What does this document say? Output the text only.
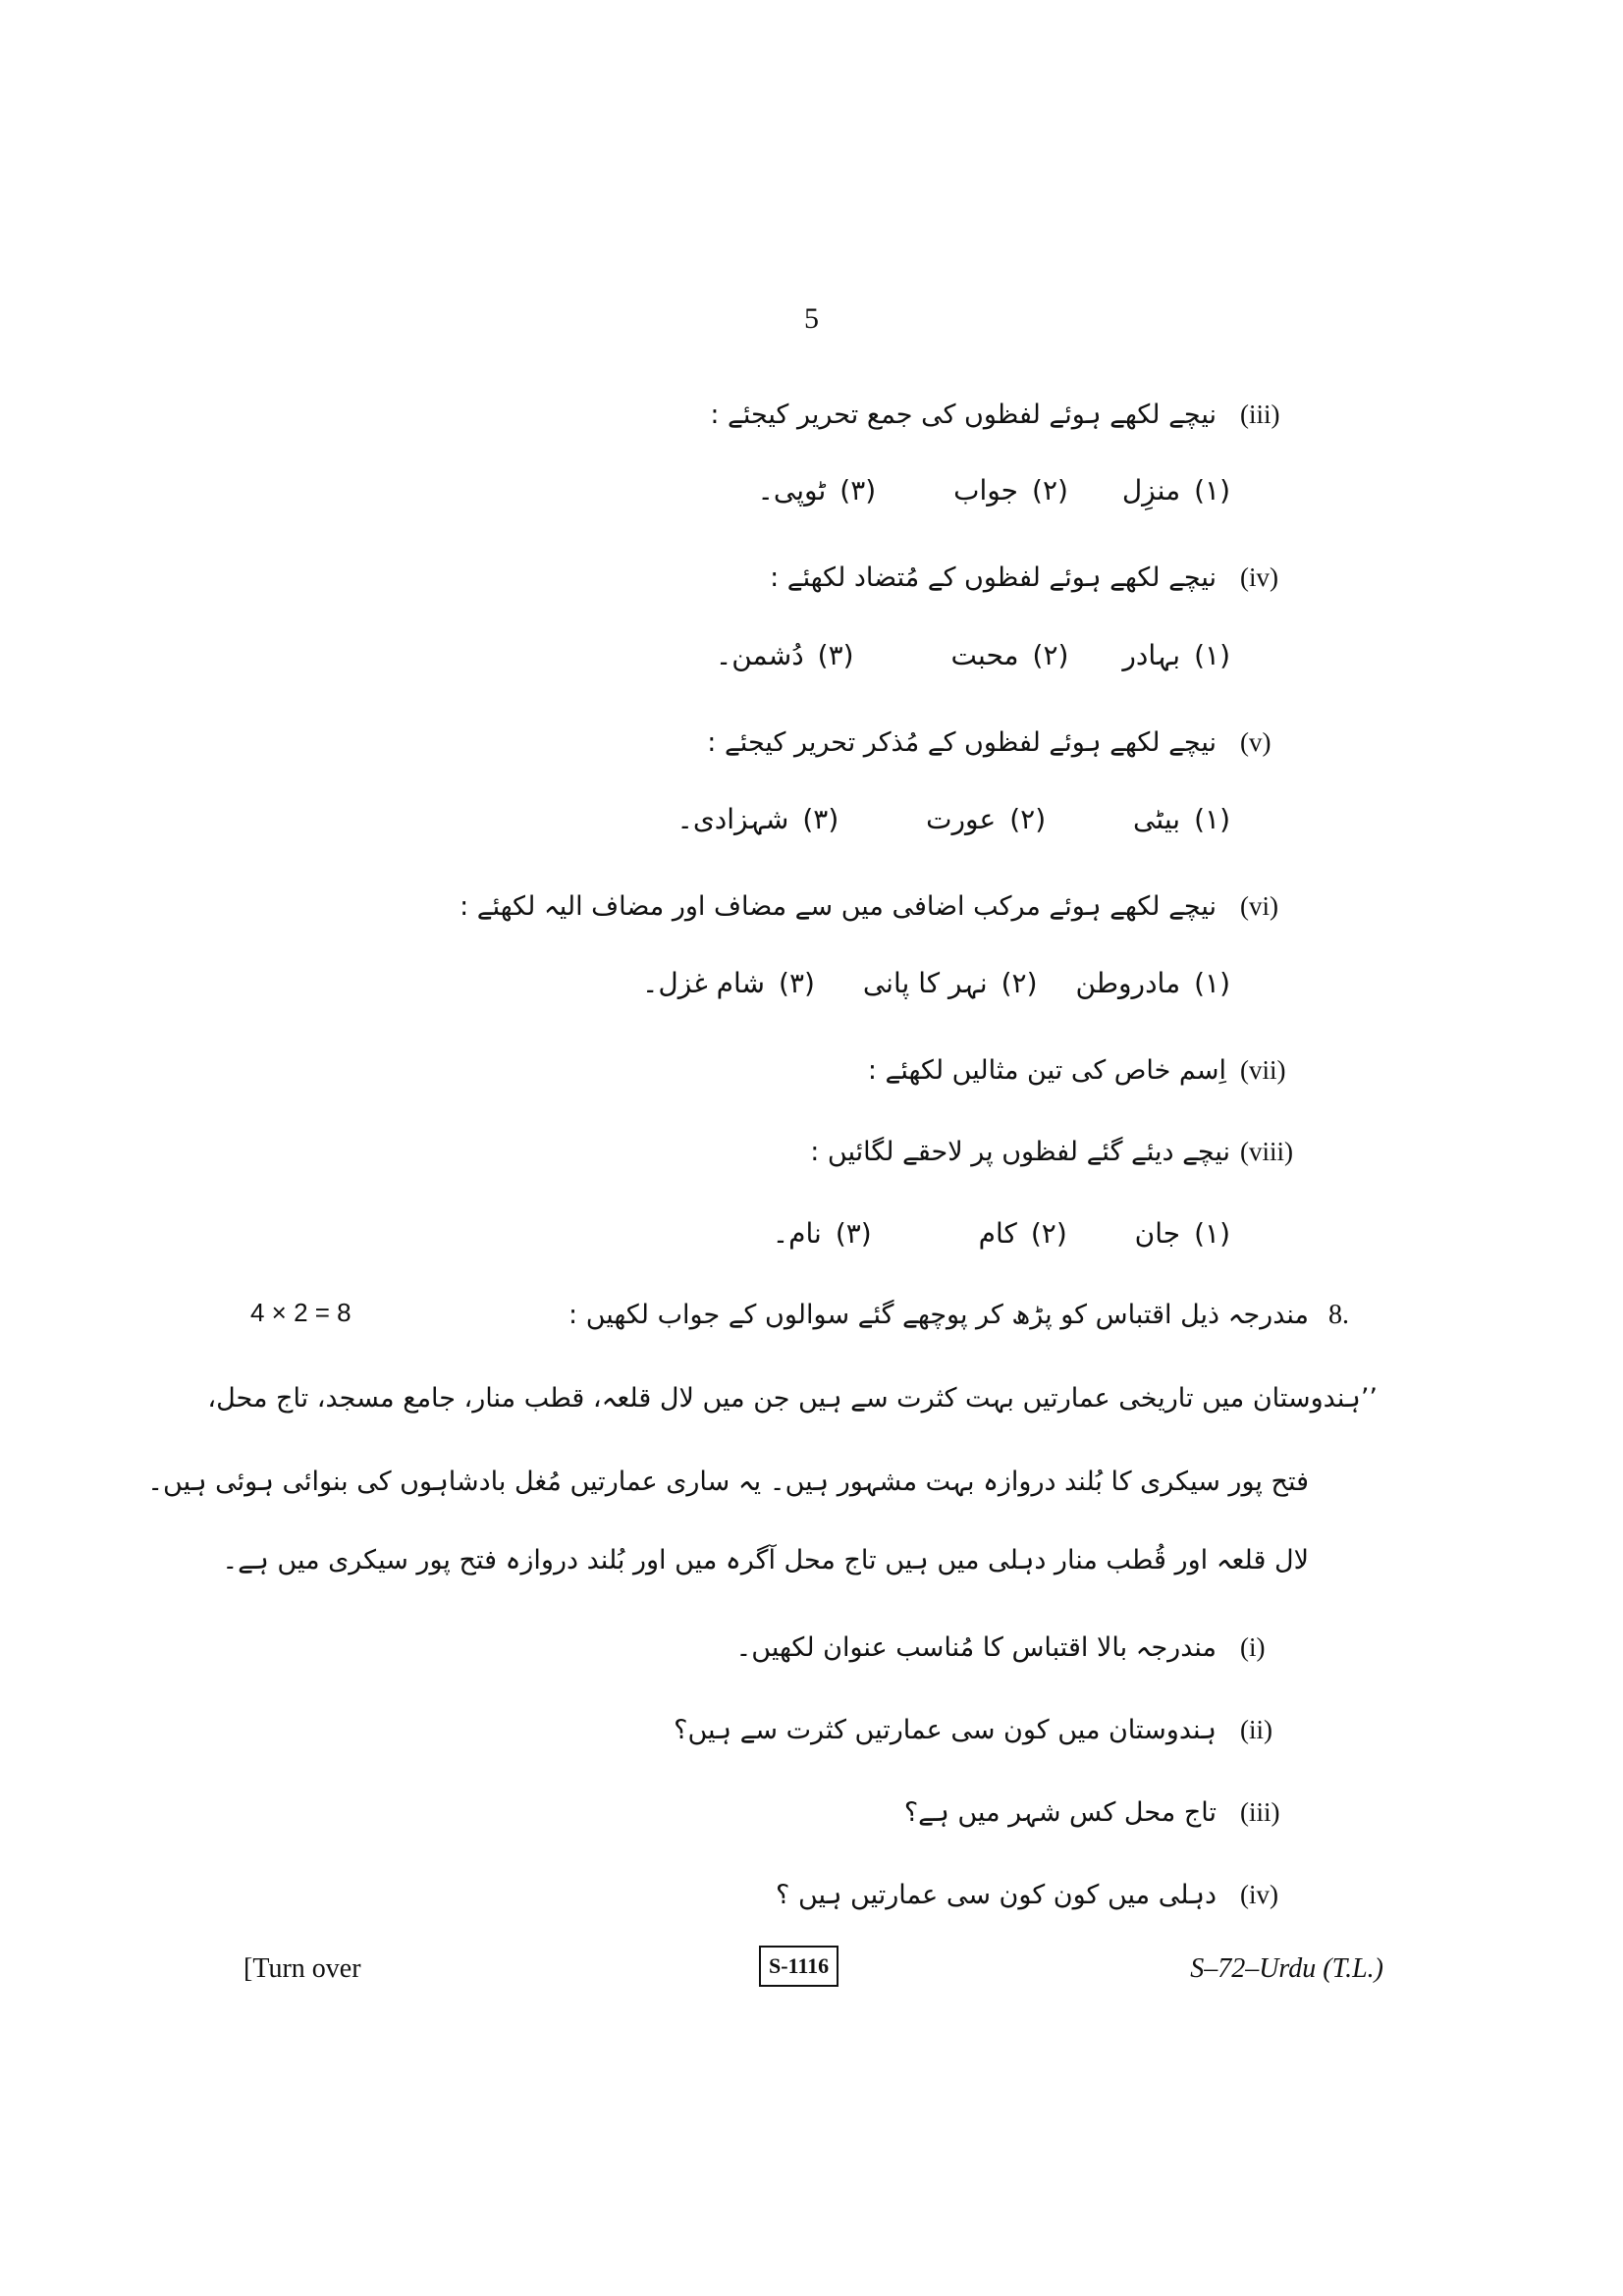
5
(iii)نیچے لکھے ہوئے لفظوں کی جمع تحریر کیجئے :
(۱)منزِل (۲)جواب (۳)ٹوپی۔
(iv)نیچے لکھے ہوئے لفظوں کے مُتضاد لکھئے :
(۱)بہادر (۲)محبت (۳)دُشمن۔
(v)نیچے لکھے ہوئے لفظوں کے مُذکر تحریر کیجئے :
(۱)بیٹی (۲)عورت (۳)شہزادی۔
(vi)نیچے لکھے ہوئے مرکب اضافی میں سے مضاف اور مضاف الیہ لکھئے :
(۱)مادروطن (۲)نہر کا پانی (۳)شام غزل۔
(vii)اِسم خاص کی تین مثالیں لکھئے :
(viii)نیچے دیئے گئے لفظوں پر لاحقے لگائیں :
(۱)جان (۲)کام (۳)نام۔
8.مندرجہ ذیل اقتباس کو پڑھ کر پوچھے گئے سوالوں کے جواب لکھیں :
4 × 2 = 8
’’ہندوستان میں تاریخی عمارتیں بہت کثرت سے ہیں جن میں لال قلعہ، قطب منار، جامع مسجد، تاج محل،
فتح پور سیکری کا بُلند دروازہ بہت مشہور ہیں۔ یہ ساری عمارتیں مُغل بادشاہوں کی بنوائی ہوئی ہیں۔
لال قلعہ اور قُطب منار دہلی میں ہیں تاج محل آگرہ میں اور بُلند دروازہ فتح پور سیکری میں ہے۔
(i)مندرجہ بالا اقتباس کا مُناسب عنوان لکھیں۔
(ii)ہندوستان میں کون سی عمارتیں کثرت سے ہیں؟
(iii)تاج محل کس شہر میں ہے؟
(iv)دہلی میں کون کون سی عمارتیں ہیں ؟
[Turn over	S-1116	S–72–Urdu (T.L.)
